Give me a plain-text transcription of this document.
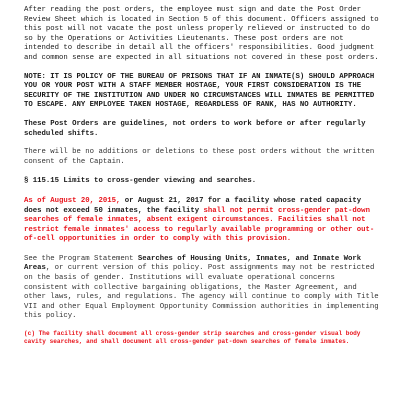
After reading the post orders, the employee must sign and date the Post Order Review Sheet which is located in Section 5 of this document. Officers assigned to this post will not vacate the post unless properly relieved or instructed to do so by the Operations or Activities Lieutenants. These post orders are not intended to describe in detail all the officers' responsibilities. Good judgment and common sense are expected in all situations not covered in these post orders.

NOTE: IT IS POLICY OF THE BUREAU OF PRISONS THAT IF AN INMATE(S) SHOULD APPROACH YOU OR YOUR POST WITH A STAFF MEMBER HOSTAGE, YOUR FIRST CONSIDERATION IS THE SECURITY OF THE INSTITUTION AND UNDER NO CIRCUMSTANCES WILL INMATES BE PERMITTED TO ESCAPE. ANY EMPLOYEE TAKEN HOSTAGE, REGARDLESS OF RANK, HAS NO AUTHORITY.

These Post Orders are guidelines, not orders to work before or after regularly scheduled shifts.

There will be no additions or deletions to these post orders without the written consent of the Captain.

§ 115.15 Limits to cross-gender viewing and searches.

As of August 20, 2015, or August 21, 2017 for a facility whose rated capacity does not exceed 50 inmates, the facility shall not permit cross-gender pat-down searches of female inmates, absent exigent circumstances. Facilities shall not restrict female inmates' access to regularly available programming or other out-of-cell opportunities in order to comply with this provision.

See the Program Statement Searches of Housing Units, Inmates, and Inmate Work Areas, or current version of this policy. Post assignments may not be restricted on the basis of gender. Institutions will evaluate operational concerns consistent with collective bargaining obligations, the Master Agreement, and other laws, rules, and regulations. The agency will continue to comply with Title VII and other Equal Employment Opportunity Commission authorities in implementing this policy.

(c) The facility shall document all cross-gender strip searches and cross-gender visual body cavity searches, and shall document all cross-gender pat-down searches of female inmates.
